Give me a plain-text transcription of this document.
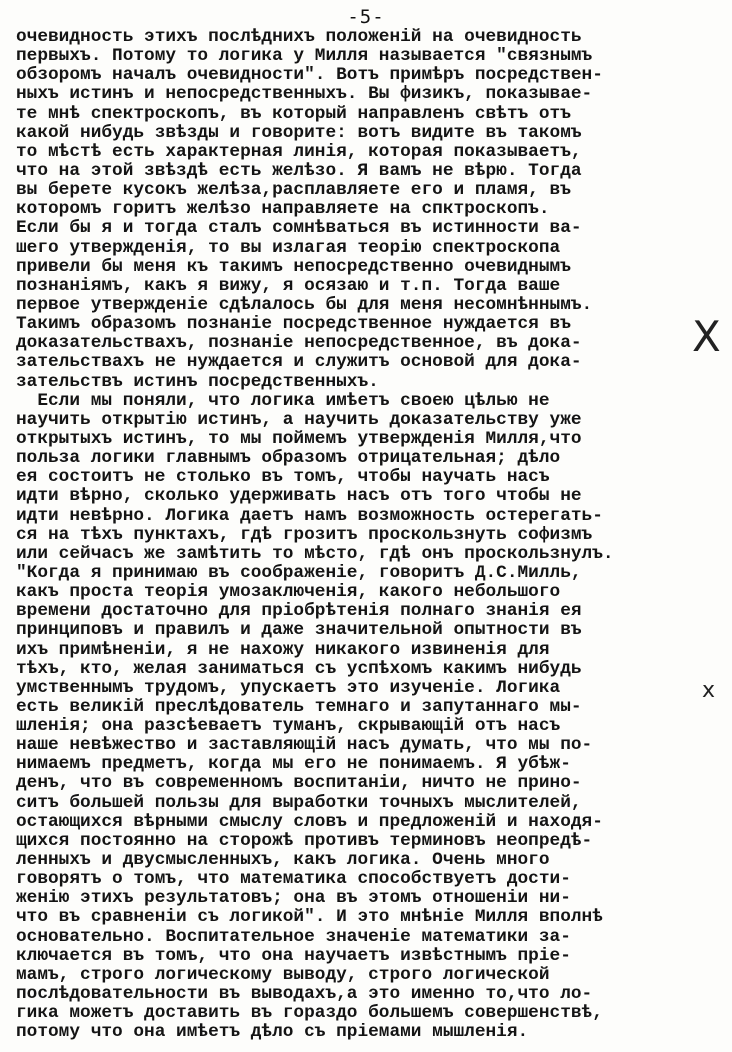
-5-
очевидность этихъ послѣднихъ положенiй на очевидность
первыхъ. Потому то логика у Милля называется "связнымъ
обзоромъ началъ очевидности". Вотъ примѣръ посредствен-
ныхъ истинъ и непосредственныхъ. Вы физикъ, показывае-
те мнѣ спектроскопъ, въ который направленъ свѣтъ отъ
какой нибудь звѣзды и говорите: вотъ видите въ такомъ
то мѣстѣ есть характерная линiя, которая показываетъ,
что на этой звѣздѣ есть желѣзо. Я вамъ не вѣрю. Тогда
вы берете кусокъ желѣза,расплавляете его и пламя, въ
которомъ горитъ желѣзо направляете на спктроскопъ.
Если бы я и тогда сталъ сомнѣваться въ истинности ва-
шего утвержденiя, то вы излагая теорiю спектроскопа
привели бы меня къ такимъ непосредственно очевиднымъ
познанiямъ, какъ я вижу, я осязаю и т.п. Тогда ваше
первое утвержденiе сдѣлалось бы для меня несомнѣннымъ.
Такимъ образомъ познанiе посредственное нуждается въ
доказательствахъ, познанiе непосредственное, въ дока-
зательствахъ не нуждается и служитъ основой для дока-
зательствъ истинъ посредственныхъ.
Если мы поняли, что логика имѣетъ своею цѣлью не
научить открытiю истинъ, а научить доказательству уже
открытыхъ истинъ, то мы поймемъ утвержденiя Милля,что
польза логики главнымъ образомъ отрицательная; дѣло
ея состоитъ не столько въ томъ, чтобы научать насъ
идти вѣрно, сколько удерживать насъ отъ того чтобы не
идти невѣрно. Логика даетъ намъ возможность остерегать-
ся на тѣхъ пунктахъ, гдѣ грозитъ проскользнуть софизмъ
или сейчасъ же замѣтить то мѣсто, гдѣ онъ проскользнулъ.
"Когда я принимаю въ соображенiе, говоритъ Д.С.Милль,
какъ проста теорiя умозаключенiя, какого небольшого
времени достаточно для прiобрѣтенiя полнаго знанiя ея
принциповъ и правилъ и даже значительной опытности въ
ихъ примѣненiи, я не нахожу никакого извиненiя для
тѣхъ, кто, желая заниматься съ успѣхомъ какимъ нибудь
умственнымъ трудомъ, упускаетъ это изученiе. Логика
есть великiй преслѣдователь темнаго и запутаннаго мы-
шленiя; она разсѣеваетъ туманъ, скрывающiй отъ насъ
наше невѣжество и заставляющiй насъ думать, что мы по-
нимаемъ предметъ, когда мы его не понимаемъ. Я убѣж-
денъ, что въ современномъ воспитанiи, ничто не прино-
ситъ большей пользы для выработки точныхъ мыслителей,
остающихся вѣрными смыслу словъ и предложенiй и находя-
щихся постоянно на сторожѣ противъ терминовъ неопредѣ-
ленныхъ и двусмысленныхъ, какъ логика. Очень много
говорятъ о томъ, что математика способствуетъ дости-
женiю этихъ результатовъ; она въ этомъ отношенiи ни-
что въ сравненiи съ логикой". И это мнѣнiе Милля вполнѣ
основательно. Воспитательное значенiе математики за-
ключается въ томъ, что она научаетъ извѣстнымъ прiе-
мамъ, строго логическому выводу, строго логической
послѣдовательности въ выводахъ,а это именно то,что ло-
гика можетъ доставить въ гораздо большемъ совершенствѣ,
потому что она имѣетъ дѣло съ прiемами мышленiя.
X
x
